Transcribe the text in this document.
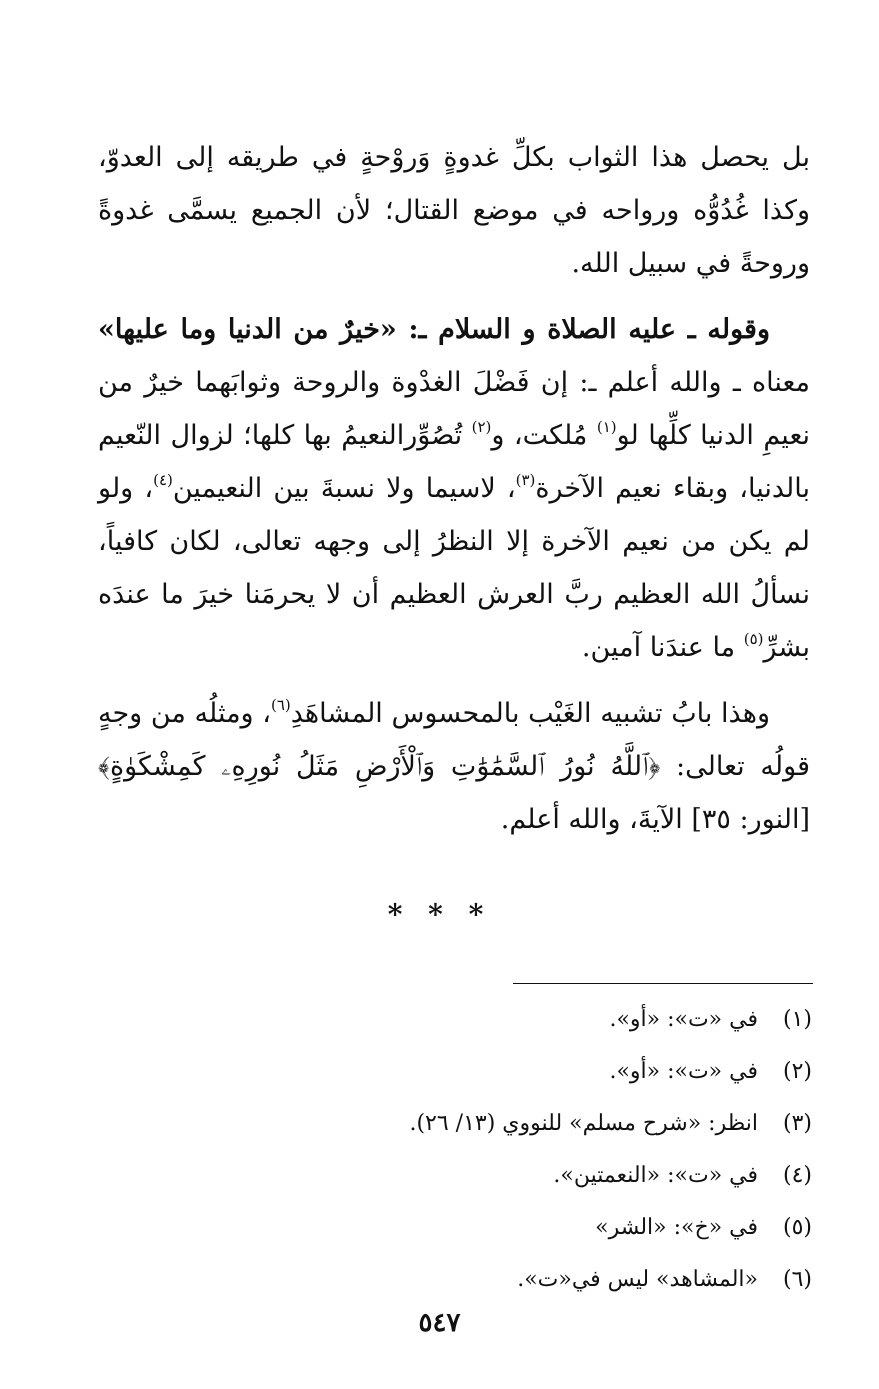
بل يحصل هذا الثواب بكلِّ غدوةٍ وَروْحةٍ في طريقه إلى العدوّ، وكذا غُدُوُّه ورواحه في موضع القتال؛ لأن الجميع يسمَّى غدوةً وروحةً في سبيل الله.

وقوله ـ عليه الصلاة و السلام ـ: «خيرٌ من الدنيا وما عليها» معناه ـ والله أعلم ـ: إن فَضْلَ الغدْوة والروحة وثوابَهما خيرٌ من نعيمِ الدنيا كلِّها لو$^{(١)}$ مُلكت، و$^{(٢)}$ تُصُوِّرالنعيمُ بها كلها؛ لزوال النّعيم بالدنيا، وبقاء نعيم الآخرة$^{(٣)}$، لاسيما ولا نسبةَ بين النعيمين$^{(٤)}$، ولو لم يكن من نعيم الآخرة إلا النظرُ إلى وجهه تعالى، لكان كافياً، نسألُ الله العظيم ربَّ العرش العظيم أن لا يحرمَنا خيرَ ما عندَه بشرِّ$^{(٥)}$ ما عندَنا آمين.

وهذا بابُ تشبيه الغَيْب بالمحسوس المشاهَدِ$^{(٦)}$، ومثلُه من وجهٍ قولُه تعالى: ﴿ٱللَّهُ نُورُ ٱلسَّمَٰوَٰتِ وَٱلْأَرْضِ مَثَلُ نُورِهِۦ كَمِشْكَوٰةٍ﴾[النور: ٣٥] الآيةَ، والله أعلم.

* * *
(١)في «ت»: «أو».
(٢)في «ت»: «أو».
(٣)انظر: «شرح مسلم» للنووي (١٣/ ٢٦).
(٤)في «ت»: «النعمتين».
(٥)في «خ»: «الشر»
(٦)«المشاهد» ليس في«ت».
٥٤٧
